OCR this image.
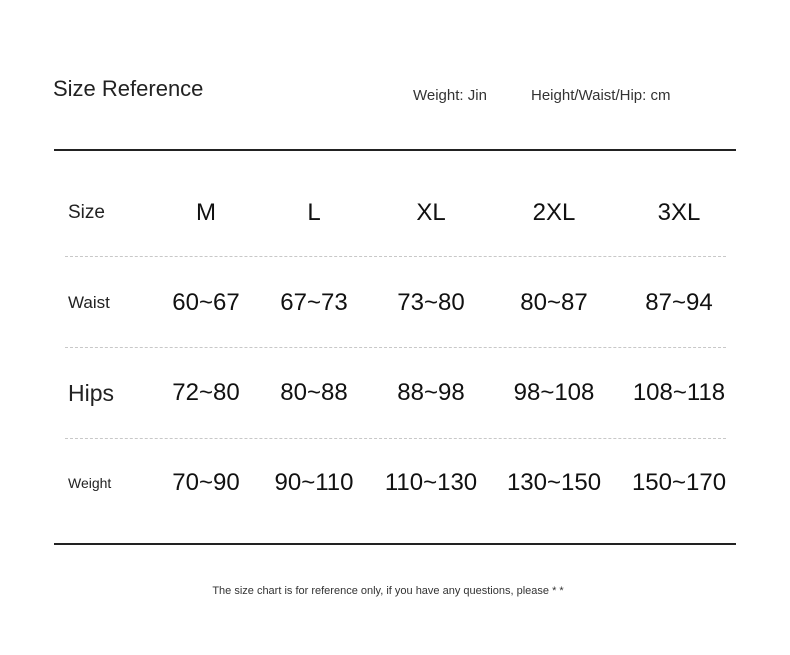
Size Reference	Weight: Jin	Height/Waist/Hip: cm
Size	M	L	XL	2XL	3XL
Waist	60~67 67~73 73~80 80~87 87~94
Hips 72~80 80~88 88~98 98~108 108~118
Weight	70~90 90~110 110~130 130~150 150~170
The size chart is for reference only, if you have any questions, please * *
